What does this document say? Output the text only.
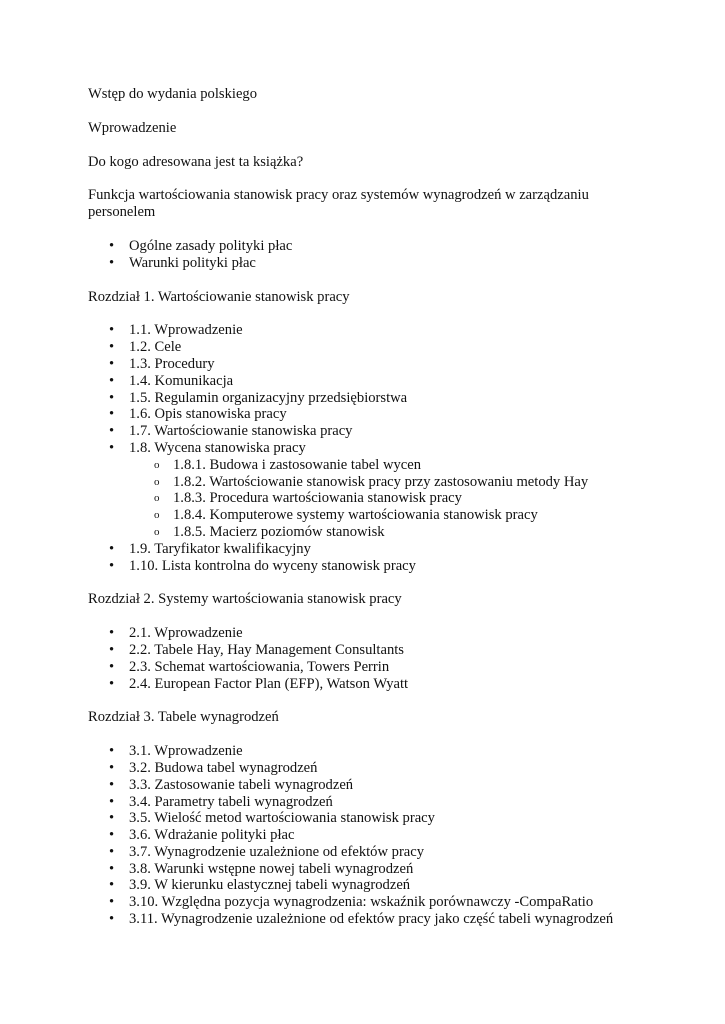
Wstęp do wydania polskiego

Wprowadzenie

Do kogo adresowana jest ta książka?

Funkcja wartościowania stanowisk pracy oraz systemów wynagrodzeń w zarządzaniu personelem

• Ogólne zasady polityki płac
• Warunki polityki płac

Rozdział 1. Wartościowanie stanowisk pracy

• 1.1. Wprowadzenie
• 1.2. Cele
• 1.3. Procedury
• 1.4. Komunikacja
• 1.5. Regulamin organizacyjny przedsiębiorstwa
• 1.6. Opis stanowiska pracy
• 1.7. Wartościowanie stanowiska pracy
• 1.8. Wycena stanowiska pracy
o 1.8.1. Budowa i zastosowanie tabel wycen
o 1.8.2. Wartościowanie stanowisk pracy przy zastosowaniu metody Hay
o 1.8.3. Procedura wartościowania stanowisk pracy
o 1.8.4. Komputerowe systemy wartościowania stanowisk pracy
o 1.8.5. Macierz poziomów stanowisk
• 1.9. Taryfikator kwalifikacyjny
• 1.10. Lista kontrolna do wyceny stanowisk pracy

Rozdział 2. Systemy wartościowania stanowisk pracy

• 2.1. Wprowadzenie
• 2.2. Tabele Hay, Hay Management Consultants
• 2.3. Schemat wartościowania, Towers Perrin
• 2.4. European Factor Plan (EFP), Watson Wyatt

Rozdział 3. Tabele wynagrodzeń

• 3.1. Wprowadzenie
• 3.2. Budowa tabel wynagrodzeń
• 3.3. Zastosowanie tabeli wynagrodzeń
• 3.4. Parametry tabeli wynagrodzeń
• 3.5. Wielość metod wartościowania stanowisk pracy
• 3.6. Wdrażanie polityki płac
• 3.7. Wynagrodzenie uzależnione od efektów pracy
• 3.8. Warunki wstępne nowej tabeli wynagrodzeń
• 3.9. W kierunku elastycznej tabeli wynagrodzeń
• 3.10. Względna pozycja wynagrodzenia: wskaźnik porównawczy -CompaRatio
• 3.11. Wynagrodzenie uzależnione od efektów pracy jako część tabeli wynagrodzeń
